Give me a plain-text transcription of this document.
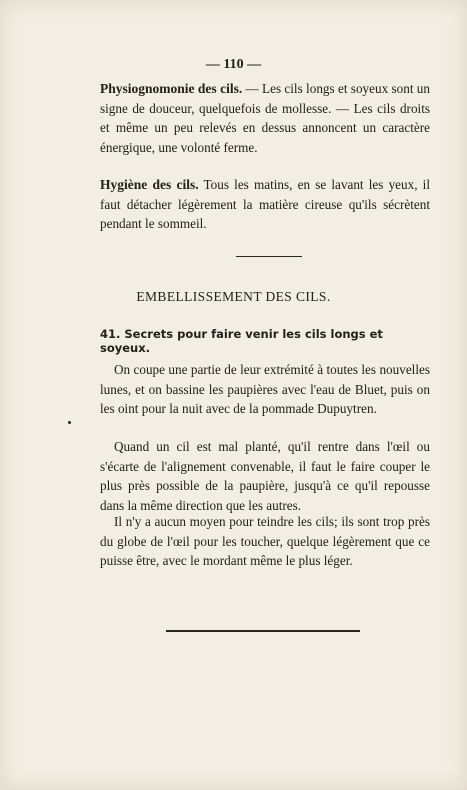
— 110 —

Physiognomonie des cils. — Les cils longs et soyeux sont un signe de douceur, quelquefois de mollesse. — Les cils droits et même un peu relevés en dessus annoncent un caractère énergique, une volonté ferme.

Hygiène des cils. Tous les matins, en se lavant les yeux, il faut détacher légèrement la matière cireuse qu'ils sécrètent pendant le sommeil.

EMBELLISSEMENT DES CILS.
41. Secrets pour faire venir les cils longs et soyeux.

On coupe une partie de leur extrémité à toutes les nouvelles lunes, et on bassine les paupières avec l'eau de Bluet, puis on les oint pour la nuit avec de la pommade Dupuytren.

Quand un cil est mal planté, qu'il rentre dans l'œil ou s'écarte de l'alignement convenable, il faut le faire couper le plus près possible de la paupière, jusqu'à ce qu'il repousse dans la même direction que les autres.

Il n'y a aucun moyen pour teindre les cils; ils sont trop près du globe de l'œil pour les toucher, quelque légèrement que ce puisse être, avec le mordant même le plus léger.
